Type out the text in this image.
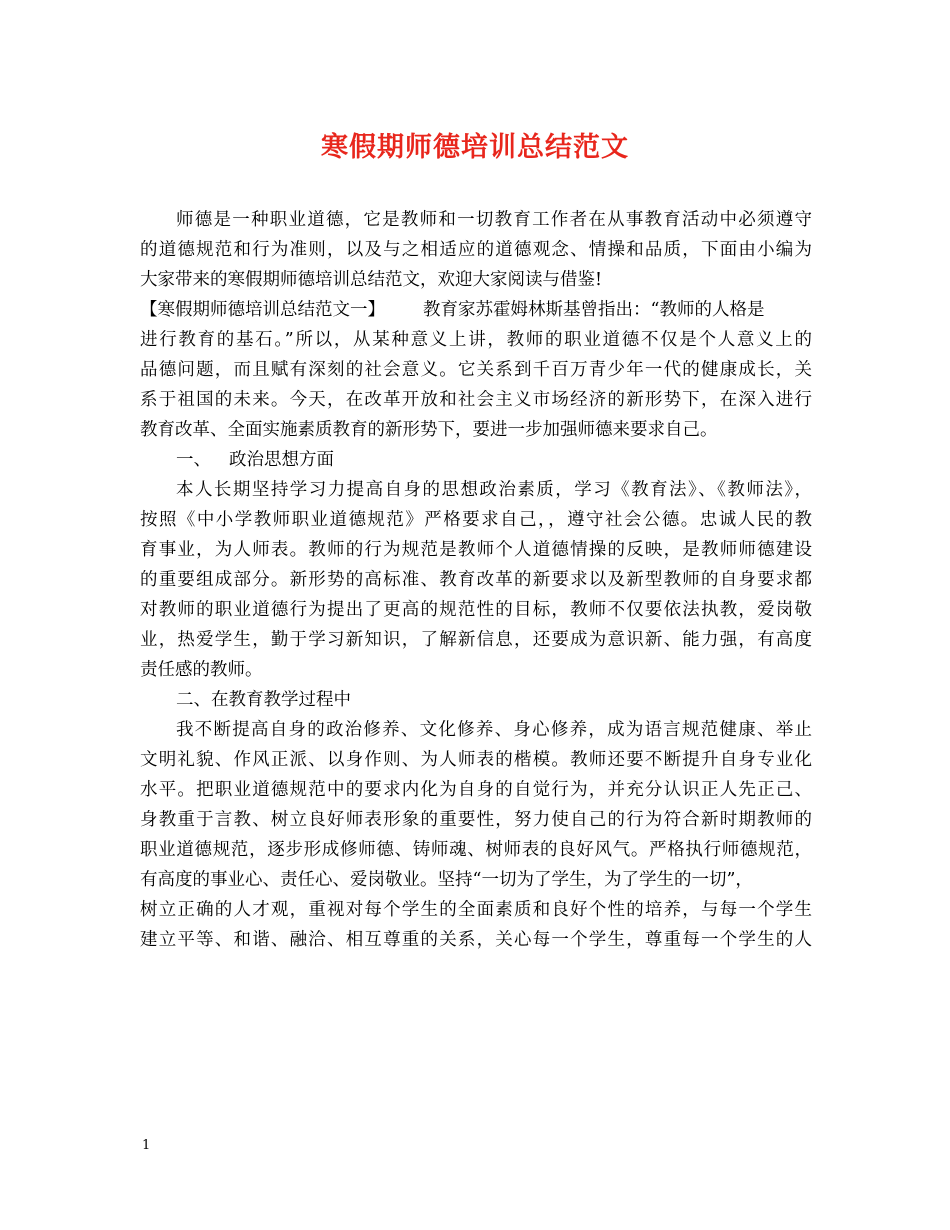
寒假期师德培训总结范文
师德是一种职业道德，它是教师和一切教育工作者在从事教育活动中必须遵守
的道德规范和行为准则，以及与之相适应的道德观念、情操和品质，下面由小编为
大家带来的寒假期师德培训总结范文，欢迎大家阅读与借鉴!
【寒假期师德培训总结范文一】 教育家苏霍姆林斯基曾指出：“教师的人格是
进行教育的基石。”所以，从某种意义上讲，教师的职业道德不仅是个人意义上的
品德问题，而且赋有深刻的社会意义。它关系到千百万青少年一代的健康成长，关
系于祖国的未来。今天，在改革开放和社会主义市场经济的新形势下，在深入进行
教育改革、全面实施素质教育的新形势下，要进一步加强师德来要求自己。
一、 政治思想方面
本人长期坚持学习力提高自身的思想政治素质，学习《教育法》、《教师法》，
按照《中小学教师职业道德规范》严格要求自己，，遵守社会公德。忠诚人民的教
育事业，为人师表。教师的行为规范是教师个人道德情操的反映，是教师师德建设
的重要组成部分。新形势的高标准、教育改革的新要求以及新型教师的自身要求都
对教师的职业道德行为提出了更高的规范性的目标，教师不仅要依法执教，爱岗敬
业，热爱学生，勤于学习新知识，了解新信息，还要成为意识新、能力强，有高度
责任感的教师。
二、在教育教学过程中
我不断提高自身的政治修养、文化修养、身心修养，成为语言规范健康、举止
文明礼貌、作风正派、以身作则、为人师表的楷模。教师还要不断提升自身专业化
水平。把职业道德规范中的要求内化为自身的自觉行为，并充分认识正人先正己、
身教重于言教、树立良好师表形象的重要性，努力使自己的行为符合新时期教师的
职业道德规范，逐步形成修师德、铸师魂、树师表的良好风气。严格执行师德规范，
有高度的事业心、责任心、爱岗敬业。坚持“一切为了学生，为了学生的一切”，
树立正确的人才观，重视对每个学生的全面素质和良好个性的培养，与每一个学生
建立平等、和谐、融洽、相互尊重的关系，关心每一个学生，尊重每一个学生的人
1
